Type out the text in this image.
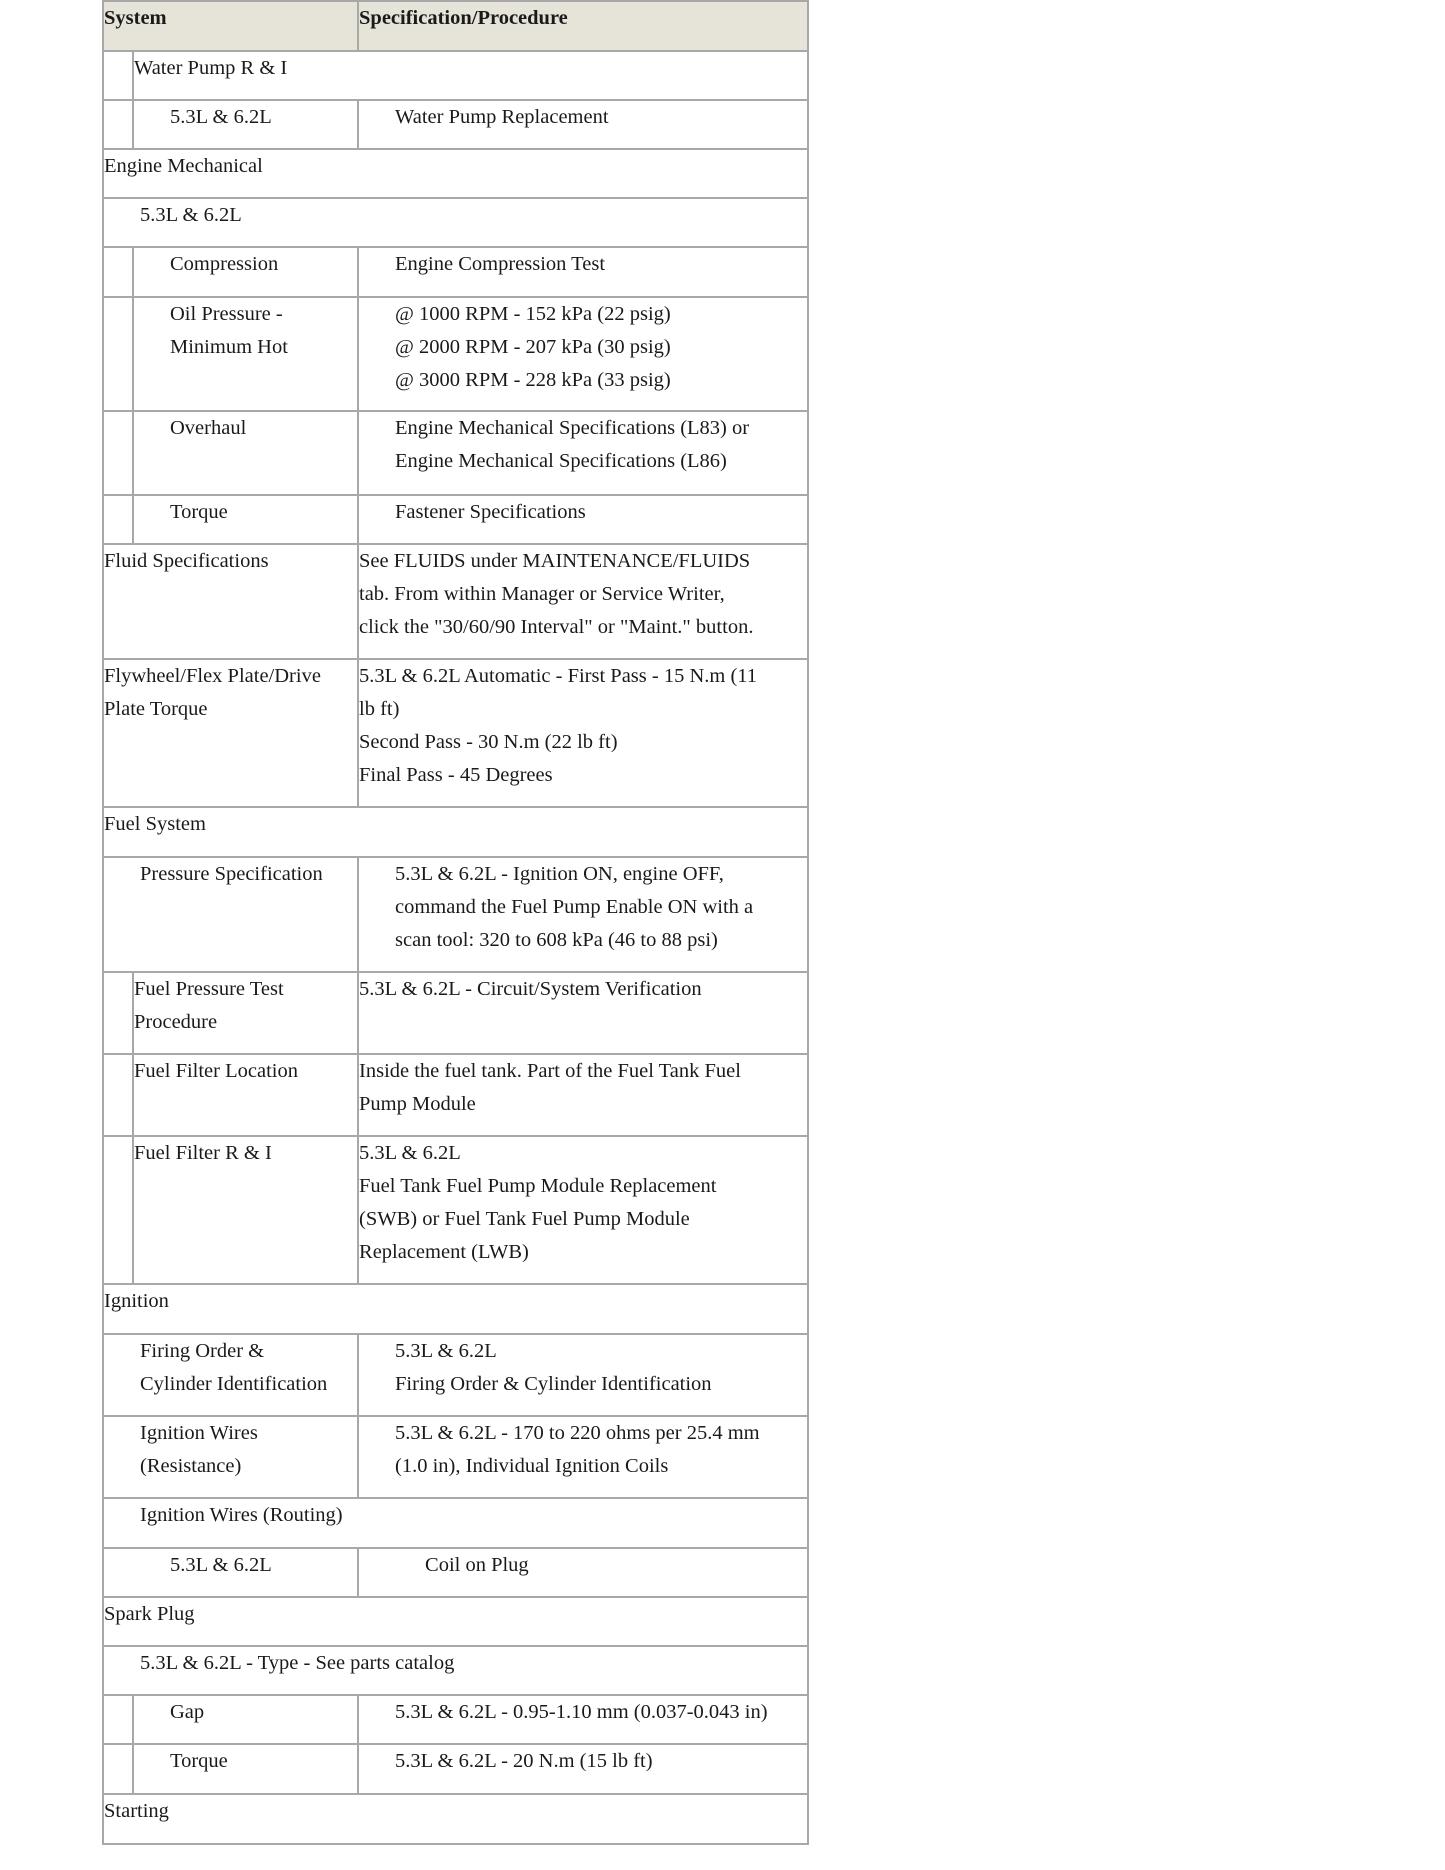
System		Specification/Procedure
	Water Pump R & I	
	5.3L & 6.2L	Water Pump Replacement
Engine Mechanical		
5.3L & 6.2L		
	Compression	Engine Compression Test

	Oil Pressure -
Minimum Hot	@ 1000 RPM - 152 kPa (22 psig)
@ 2000 RPM - 207 kPa (30 psig)
@ 3000 RPM - 228 kPa (33 psig)

	Overhaul	Engine Mechanical Specifications (L83) or
Engine Mechanical Specifications (L86)

	Torque	Fastener Specifications
Fluid Specifications		See FLUIDS under MAINTENANCE/FLUIDS
tab. From within Manager or Service Writer,
click the "30/60/90 Interval" or "Maint." button.

Flywheel/Flex Plate/Drive
Plate Torque		5.3L & 6.2L Automatic - First Pass - 15 N.m (11
lb ft)
Second Pass - 30 N.m (22 lb ft)
Final Pass - 45 Degrees

Fuel System		
Pressure Specification		5.3L & 6.2L - Ignition ON, engine OFF,
command the Fuel Pump Enable ON with a
scan tool: 320 to 608 kPa (46 to 88 psi)

	Fuel Pressure Test
Procedure	5.3L & 6.2L - Circuit/System Verification
	Fuel Filter Location	Inside the fuel tank. Part of the Fuel Tank Fuel
Pump Module

	Fuel Filter R & I	5.3L & 6.2L
Fuel Tank Fuel Pump Module Replacement
(SWB) or Fuel Tank Fuel Pump Module
Replacement (LWB)

Ignition		

Firing Order &
Cylinder Identification		5.3L & 6.2L
Firing Order & Cylinder Identification

Ignition Wires
(Resistance)		5.3L & 6.2L - 170 to 220 ohms per 25.4 mm
(1.0 in), Individual Ignition Coils

Ignition Wires (Routing)		
5.3L & 6.2L		Coil on Plug
Spark Plug		
5.3L & 6.2L - Type - See parts catalog		
	Gap	5.3L & 6.2L - 0.95-1.10 mm (0.037-0.043 in)
	Torque	5.3L & 6.2L - 20 N.m (15 lb ft)
Starting		
